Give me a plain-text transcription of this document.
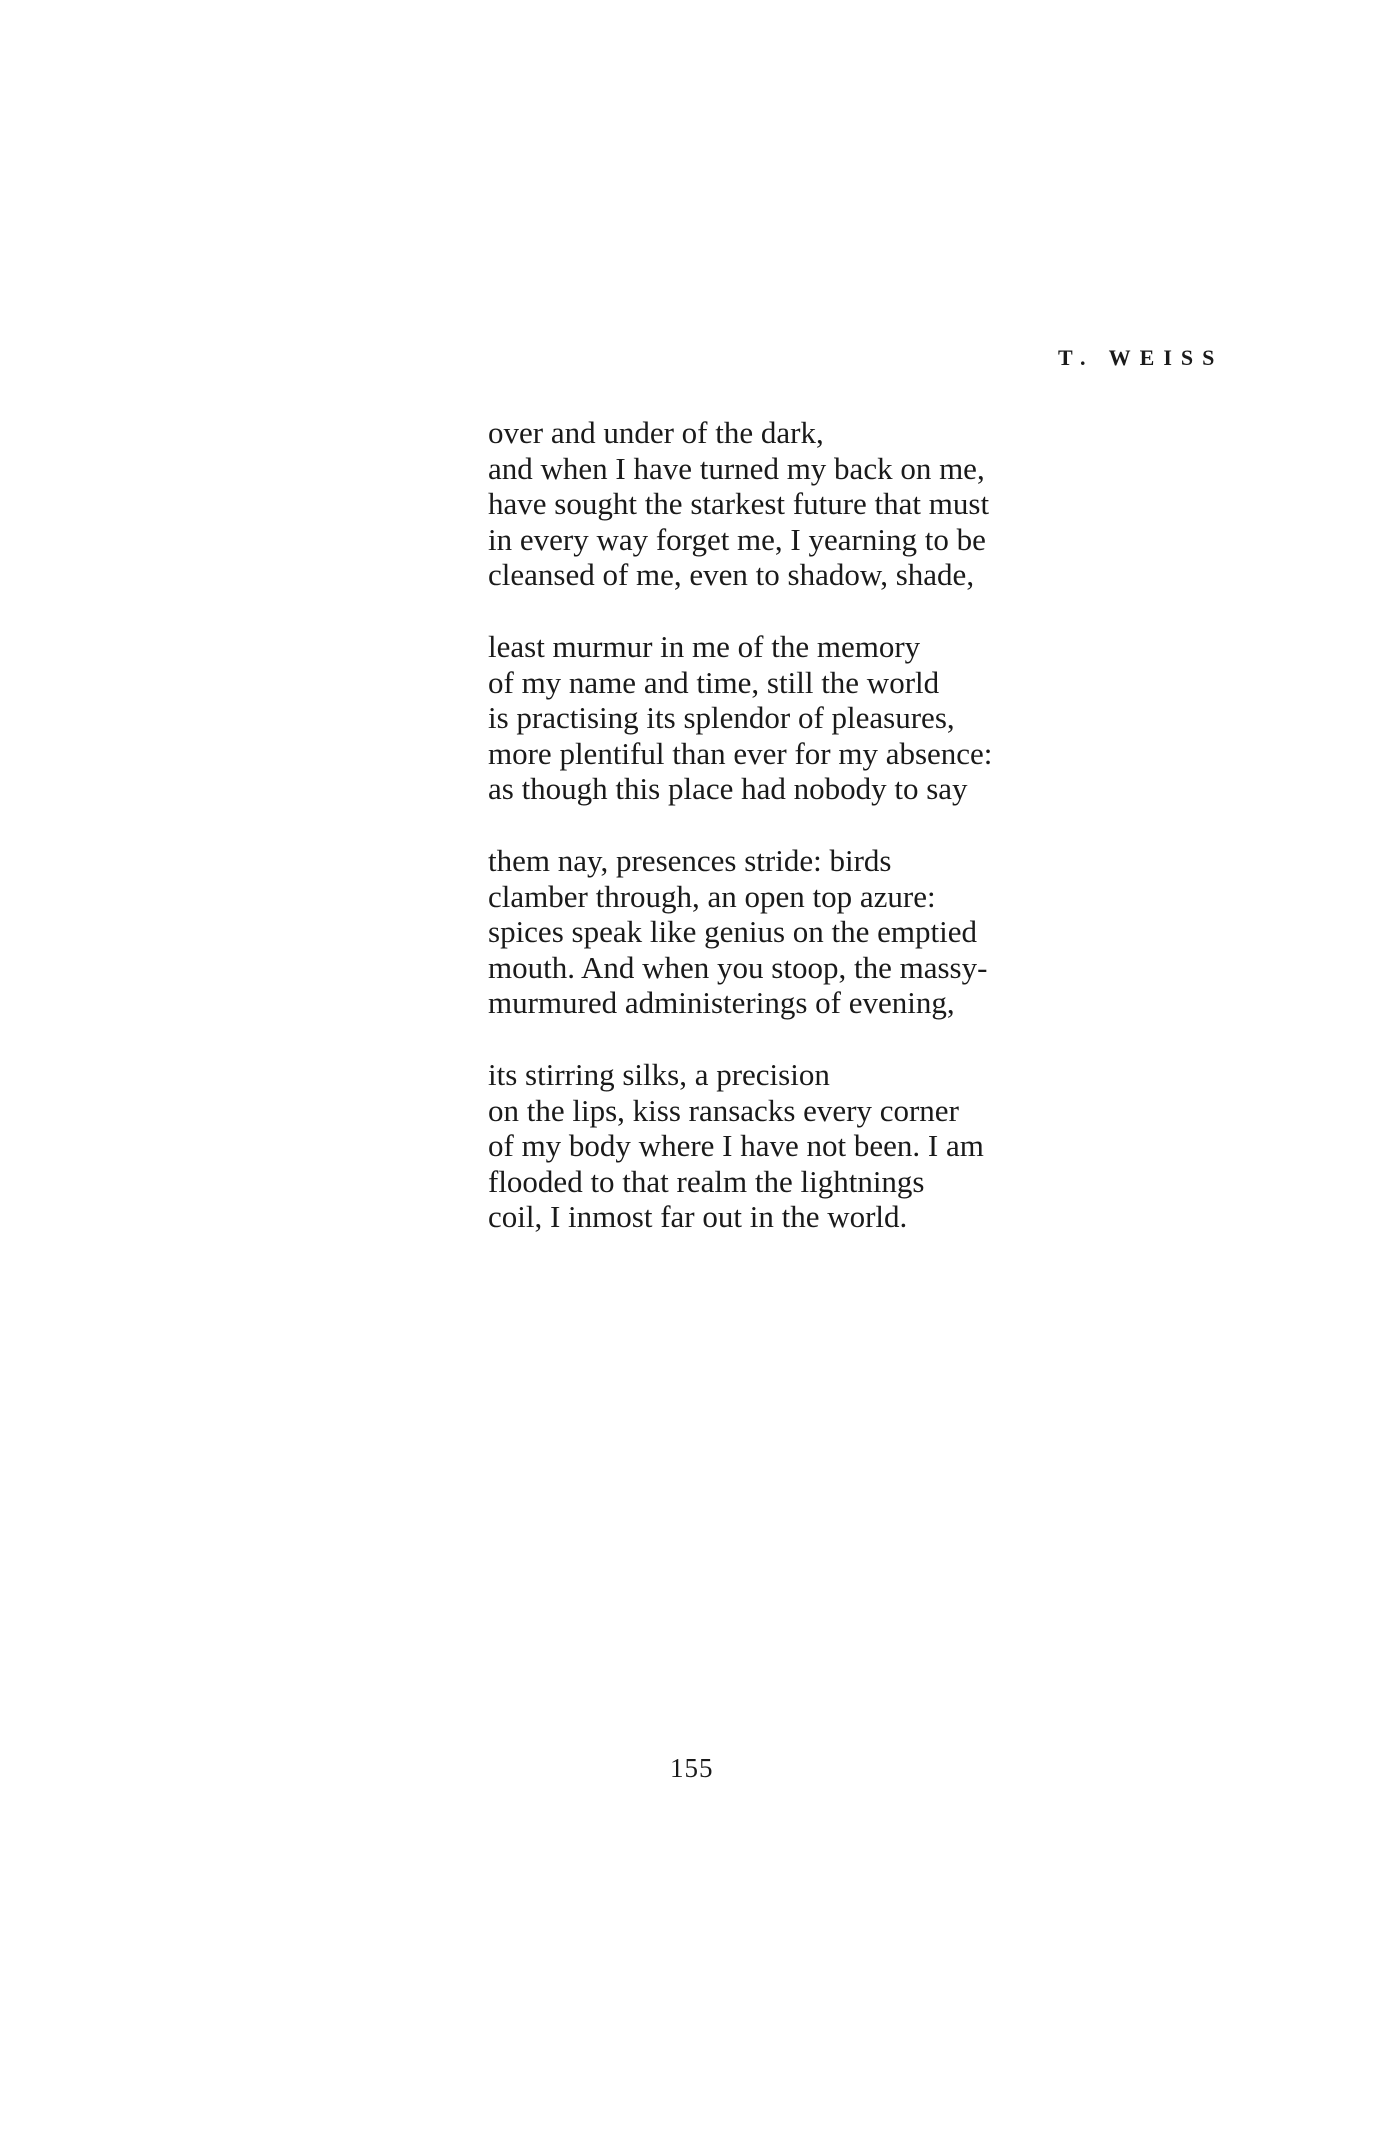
T. WEISS
over and under of the dark,
and when I have turned my back on me,
have sought the starkest future that must
in every way forget me, I yearning to be
cleansed of me, even to shadow, shade,
least murmur in me of the memory
of my name and time, still the world
is practising its splendor of pleasures,
more plentiful than ever for my absence:
as though this place had nobody to say
them nay, presences stride: birds
clamber through, an open top azure:
spices speak like genius on the emptied
mouth. And when you stoop, the massy-
murmured administerings of evening,
its stirring silks, a precision
on the lips, kiss ransacks every corner
of my body where I have not been. I am
flooded to that realm the lightnings
coil, I inmost far out in the world.
155
